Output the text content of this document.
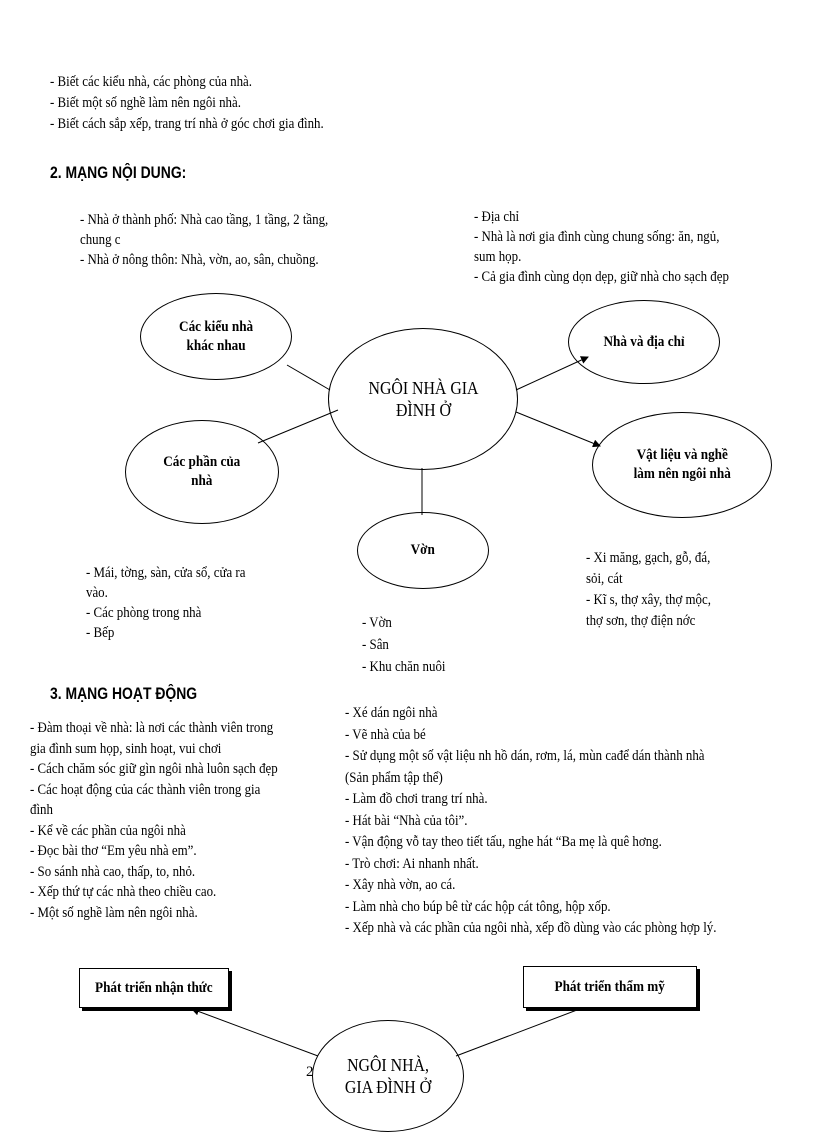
- Biết các kiểu nhà, các phòng của nhà.
- Biết một số nghề làm nên ngôi nhà.
- Biết cách sắp xếp, trang trí nhà ở góc chơi gia đình.
2. MẠNG NỘI DUNG:
- Nhà ở thành phố: Nhà cao tầng, 1 tầng, 2 tầng,
chung c
- Nhà ở nông thôn: Nhà, vờn, ao, sân, chuồng.
- Địa chỉ
- Nhà là nơi gia đình cùng chung sống: ăn, ngủ,
sum họp.
- Cả gia đình cùng dọn dẹp, giữ nhà cho sạch đẹp
Các kiểu nhà
khác nhau
NGÔI NHÀ GIA
ĐÌNH Ở
Nhà và địa chỉ
Các phần của
nhà
Vật liệu và nghề
làm nên ngôi nhà
Vờn
- Mái, tờng, sàn, cửa sổ, cửa ra
vào.
- Các phòng trong nhà
- Bếp
- Vờn
- Sân
- Khu chăn nuôi
- Xi măng, gạch, gỗ, đá,
sỏi, cát
- Kĩ s, thợ xây, thợ mộc,
thợ sơn, thợ điện nớc
3. MẠNG HOẠT ĐỘNG
- Đàm thoại về nhà: là nơi các thành viên trong
gia đình sum họp, sinh hoạt, vui chơi
- Cách chăm sóc giữ gìn ngôi nhà luôn sạch đẹp
- Các hoạt động của các thành viên trong gia
đình
- Kể về các phần của ngôi nhà
- Đọc bài thơ “Em yêu nhà em”.
- So sánh nhà cao, thấp, to, nhỏ.
- Xếp thứ tự các nhà theo chiều cao.
- Một số nghề làm nên ngôi nhà.
- Xé dán ngôi nhà
- Vẽ nhà của bé
- Sử dụng một số vật liệu nh hồ dán, rơm, lá, mùn cađể dán thành nhà
(Sản phẩm tập thể)
- Làm đồ chơi trang trí nhà.
- Hát bài “Nhà của tôi”.
- Vận động vỗ tay theo tiết tấu, nghe hát “Ba mẹ là quê hơng.
- Trò chơi: Ai nhanh nhất.
- Xây nhà vờn, ao cá.
- Làm nhà cho búp bê từ các hộp cát tông, hộp xốp.
- Xếp nhà và các phần của ngôi nhà, xếp đồ dùng vào các phòng hợp lý.
Phát triển nhận thức	Phát triển thẩm mỹ
2 NGÔI NHÀ,
GIA ĐÌNH Ở
